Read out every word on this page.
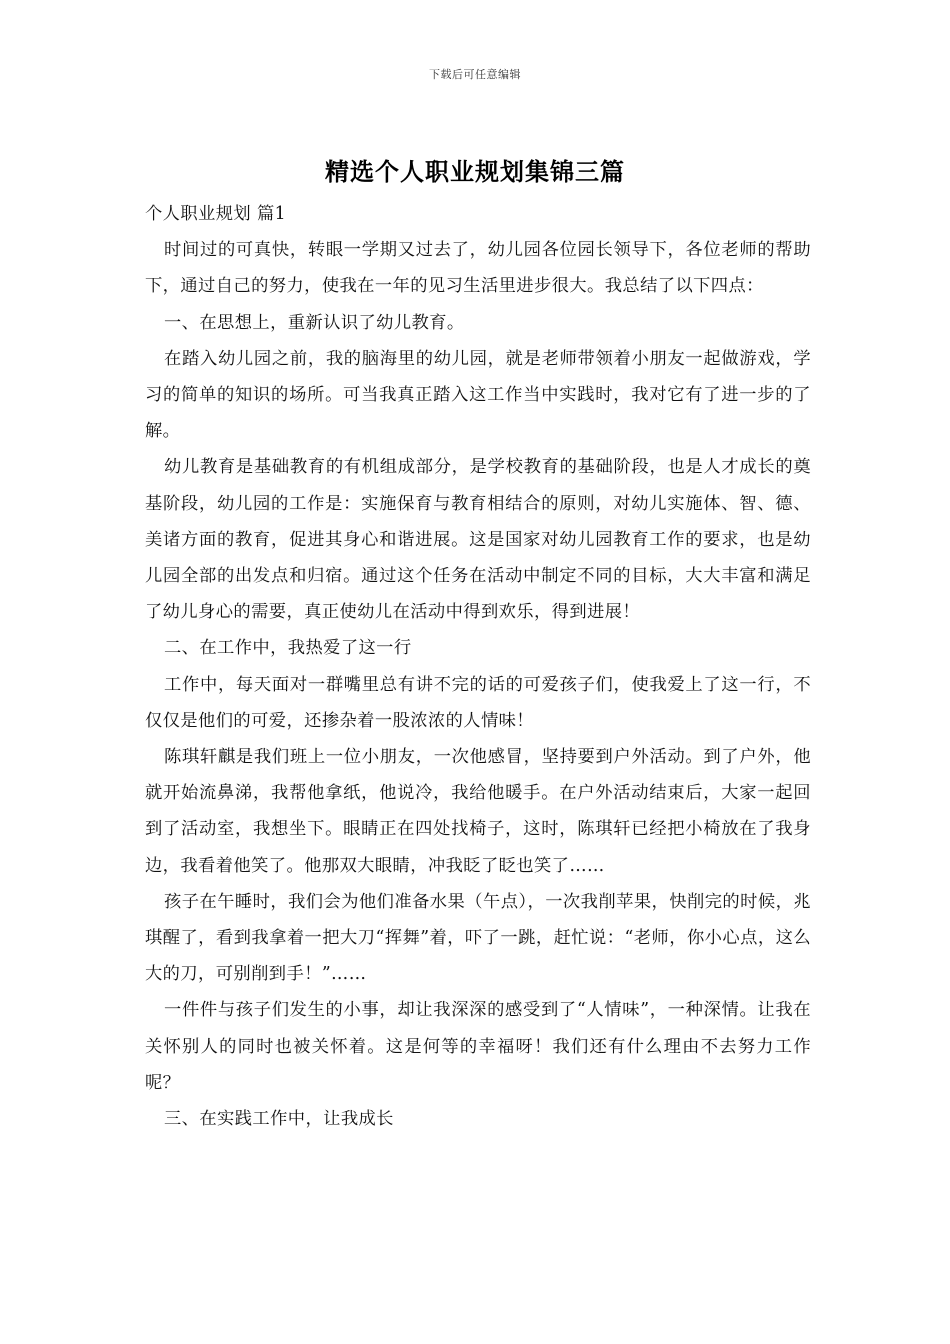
下载后可任意编辑
精选个人职业规划集锦三篇

个人职业规划 篇1

时间过的可真快，转眼一学期又过去了，幼儿园各位园长领导下，各位老师的帮助下，通过自己的努力，使我在一年的见习生活里进步很大。我总结了以下四点：

一、在思想上，重新认识了幼儿教育。

在踏入幼儿园之前，我的脑海里的幼儿园，就是老师带领着小朋友一起做游戏，学习的简单的知识的场所。可当我真正踏入这工作当中实践时，我对它有了进一步的了解。

幼儿教育是基础教育的有机组成部分，是学校教育的基础阶段，也是人才成长的奠基阶段，幼儿园的工作是：实施保育与教育相结合的原则，对幼儿实施体、智、德、美诸方面的教育，促进其身心和谐进展。这是国家对幼儿园教育工作的要求，也是幼儿园全部的出发点和归宿。通过这个任务在活动中制定不同的目标，大大丰富和满足了幼儿身心的需要，真正使幼儿在活动中得到欢乐，得到进展！

二、在工作中，我热爱了这一行

工作中，每天面对一群嘴里总有讲不完的话的可爱孩子们，使我爱上了这一行，不仅仅是他们的可爱，还掺杂着一股浓浓的人情味！

陈琪轩麒是我们班上一位小朋友，一次他感冒，坚持要到户外活动。到了户外，他就开始流鼻涕，我帮他拿纸，他说冷，我给他暖手。在户外活动结束后，大家一起回到了活动室，我想坐下。眼睛正在四处找椅子，这时，陈琪轩已经把小椅放在了我身边，我看着他笑了。他那双大眼睛，冲我眨了眨也笑了……

孩子在午睡时，我们会为他们准备水果（午点），一次我削苹果，快削完的时候，兆琪醒了，看到我拿着一把大刀“挥舞”着，吓了一跳，赶忙说：“老师，你小心点，这么大的刀，可别削到手！”……

一件件与孩子们发生的小事，却让我深深的感受到了“人情味”，一种深情。让我在关怀别人的同时也被关怀着。这是何等的幸福呀！我们还有什么理由不去努力工作呢？

三、在实践工作中，让我成长
